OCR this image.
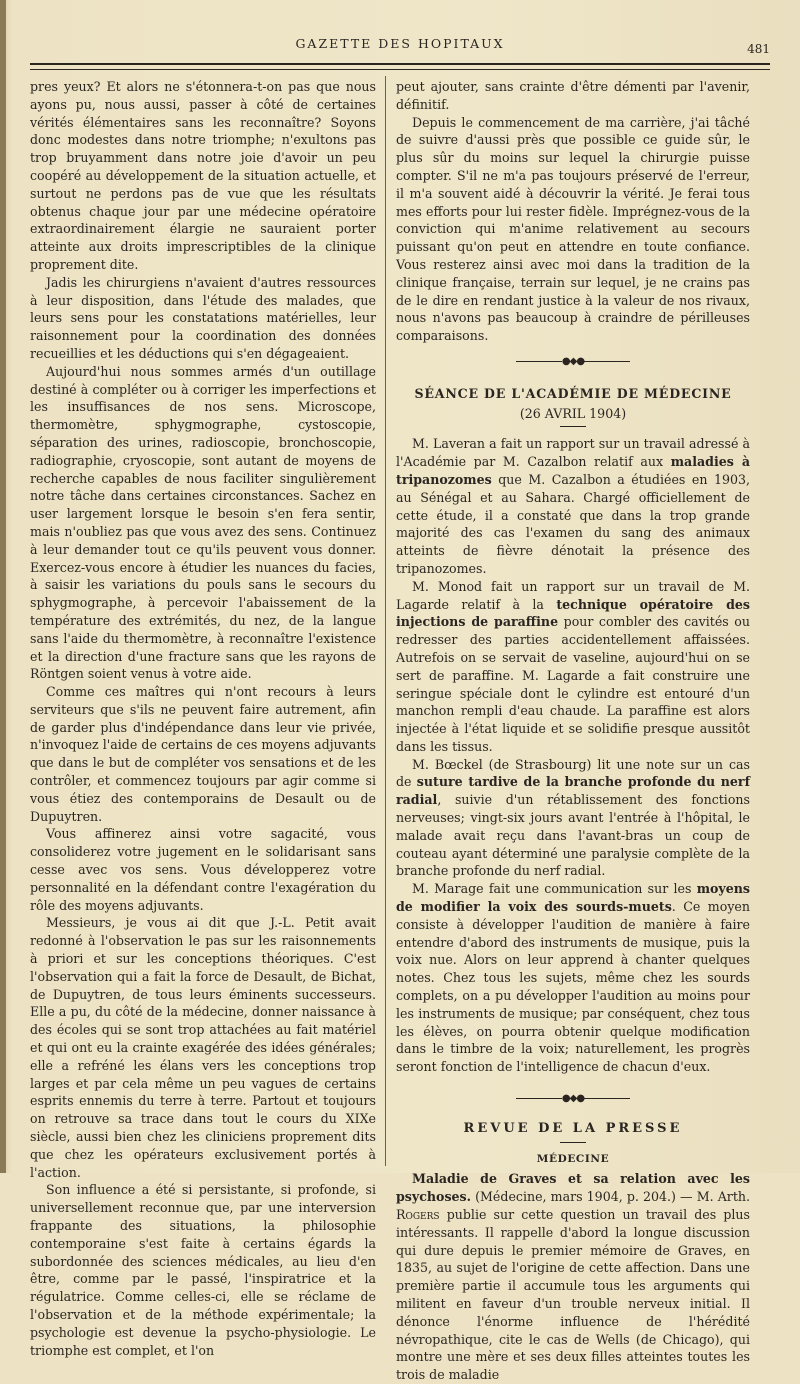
GAZETTE DES HOPITAUX	481

pres yeux? Et alors ne s'étonnera-t-on pas que nous ayons pu, nous aussi, passer à côté de certaines vérités élémentaires sans les reconnaître? Soyons donc modestes dans notre triomphe; n'exultons pas trop bruyamment dans notre joie d'avoir un peu coopéré au développement de la situation actuelle, et surtout ne perdons pas de vue que les résultats obtenus chaque jour par une médecine opératoire extraordinairement élargie ne sauraient porter atteinte aux droits imprescriptibles de la clinique proprement dite.

Jadis les chirurgiens n'avaient d'autres ressources à leur disposition, dans l'étude des malades, que leurs sens pour les constatations matérielles, leur raisonnement pour la coordination des données recueillies et les déductions qui s'en dégageaient.

Aujourd'hui nous sommes armés d'un outillage destiné à compléter ou à corriger les imperfections et les insuffisances de nos sens. Microscope, thermomètre, sphygmographe, cystoscopie, séparation des urines, radioscopie, bronchoscopie, radiographie, cryoscopie, sont autant de moyens de recherche capables de nous faciliter singulièrement notre tâche dans certaines circonstances. Sachez en user largement lorsque le besoin s'en fera sentir, mais n'oubliez pas que vous avez des sens. Continuez à leur demander tout ce qu'ils peuvent vous donner. Exercez-vous encore à étudier les nuances du facies, à saisir les variations du pouls sans le secours du sphygmographe, à percevoir l'abaissement de la température des extrémités, du nez, de la langue sans l'aide du thermomètre, à reconnaître l'existence et la direction d'une fracture sans que les rayons de Röntgen soient venus à votre aide.

Comme ces maîtres qui n'ont recours à leurs serviteurs que s'ils ne peuvent faire autrement, afin de garder plus d'indépendance dans leur vie privée, n'invoquez l'aide de certains de ces moyens adjuvants que dans le but de compléter vos sensations et de les contrôler, et commencez toujours par agir comme si vous étiez des contemporains de Desault ou de Dupuytren.

Vous affinerez ainsi votre sagacité, vous consoliderez votre jugement en le solidarisant sans cesse avec vos sens. Vous développerez votre personnalité en la défendant contre l'exagération du rôle des moyens adjuvants.

Messieurs, je vous ai dit que J.-L. Petit avait redonné à l'observation le pas sur les raisonnements à priori et sur les conceptions théoriques. C'est l'observation qui a fait la force de Desault, de Bichat, de Dupuytren, de tous leurs éminents successeurs. Elle a pu, du côté de la médecine, donner naissance à des écoles qui se sont trop attachées au fait matériel et qui ont eu la crainte exagérée des idées générales; elle a refréné les élans vers les conceptions trop larges et par cela même un peu vagues de certains esprits ennemis du terre à terre. Partout et toujours on retrouve sa trace dans tout le cours du XIXe siècle, aussi bien chez les cliniciens proprement dits que chez les opérateurs exclusivement portés à l'action.

Son influence a été si persistante, si profonde, si universellement reconnue que, par une interversion frappante des situations, la philosophie contemporaine s'est faite à certains égards la subordonnée des sciences médicales, au lieu d'en être, comme par le passé, l'inspiratrice et la régulatrice. Comme celles-ci, elle se réclame de l'observation et de la méthode expérimentale; la psychologie est devenue la psycho-physiologie. Le triomphe est complet, et l'on

peut ajouter, sans crainte d'être démenti par l'avenir, définitif.

Depuis le commencement de ma carrière, j'ai tâché de suivre d'aussi près que possible ce guide sûr, le plus sûr du moins sur lequel la chirurgie puisse compter. S'il ne m'a pas toujours préservé de l'erreur, il m'a souvent aidé à découvrir la vérité. Je ferai tous mes efforts pour lui rester fidèle. Imprégnez-vous de la conviction qui m'anime relativement au secours puissant qu'on peut en attendre en toute confiance. Vous resterez ainsi avec moi dans la tradition de la clinique française, terrain sur lequel, je ne crains pas de le dire en rendant justice à la valeur de nos rivaux, nous n'avons pas beaucoup à craindre de périlleuses comparaisons.

●◆●
SÉANCE DE L'ACADÉMIE DE MÉDECINE
(26 AVRIL 1904)

M. Laveran a fait un rapport sur un travail adressé à l'Académie par M. Cazalbon relatif aux maladies à tripanozomes que M. Cazalbon a étudiées en 1903, au Sénégal et au Sahara. Chargé officiellement de cette étude, il a constaté que dans la trop grande majorité des cas l'examen du sang des animaux atteints de fièvre dénotait la présence des tripanozomes.

M. Monod fait un rapport sur un travail de M. Lagarde relatif à la technique opératoire des injections de paraffine pour combler des cavités ou redresser des parties accidentellement affaissées. Autrefois on se servait de vaseline, aujourd'hui on se sert de paraffine. M. Lagarde a fait construire une seringue spéciale dont le cylindre est entouré d'un manchon rempli d'eau chaude. La paraffine est alors injectée à l'état liquide et se solidifie presque aussitôt dans les tissus.

M. Bœckel (de Strasbourg) lit une note sur un cas de suture tardive de la branche profonde du nerf radial, suivie d'un rétablissement des fonctions nerveuses; vingt-six jours avant l'entrée à l'hôpital, le malade avait reçu dans l'avant-bras un coup de couteau ayant déterminé une paralysie complète de la branche profonde du nerf radial.

M. Marage fait une communication sur les moyens de modifier la voix des sourds-muets. Ce moyen consiste à développer l'audition de manière à faire entendre d'abord des instruments de musique, puis la voix nue. Alors on leur apprend à chanter quelques notes. Chez tous les sujets, même chez les sourds complets, on a pu développer l'audition au moins pour les instruments de musique; par conséquent, chez tous les élèves, on pourra obtenir quelque modification dans le timbre de la voix; naturellement, les progrès seront fonction de l'intelligence de chacun d'eux.

●◆●
REVUE DE LA PRESSE
MÉDECINE

Maladie de Graves et sa relation avec les psychoses. (Médecine, mars 1904, p. 204.) — M. Arth. Rogers publie sur cette question un travail des plus intéressants. Il rappelle d'abord la longue discussion qui dure depuis le premier mémoire de Graves, en 1835, au sujet de l'origine de cette affection. Dans une première partie il accumule tous les arguments qui militent en faveur d'un trouble nerveux initial. Il dénonce l'énorme influence de l'hérédité névropathique, cite le cas de Wells (de Chicago), qui montre une mère et ses deux filles atteintes toutes les trois de maladie
